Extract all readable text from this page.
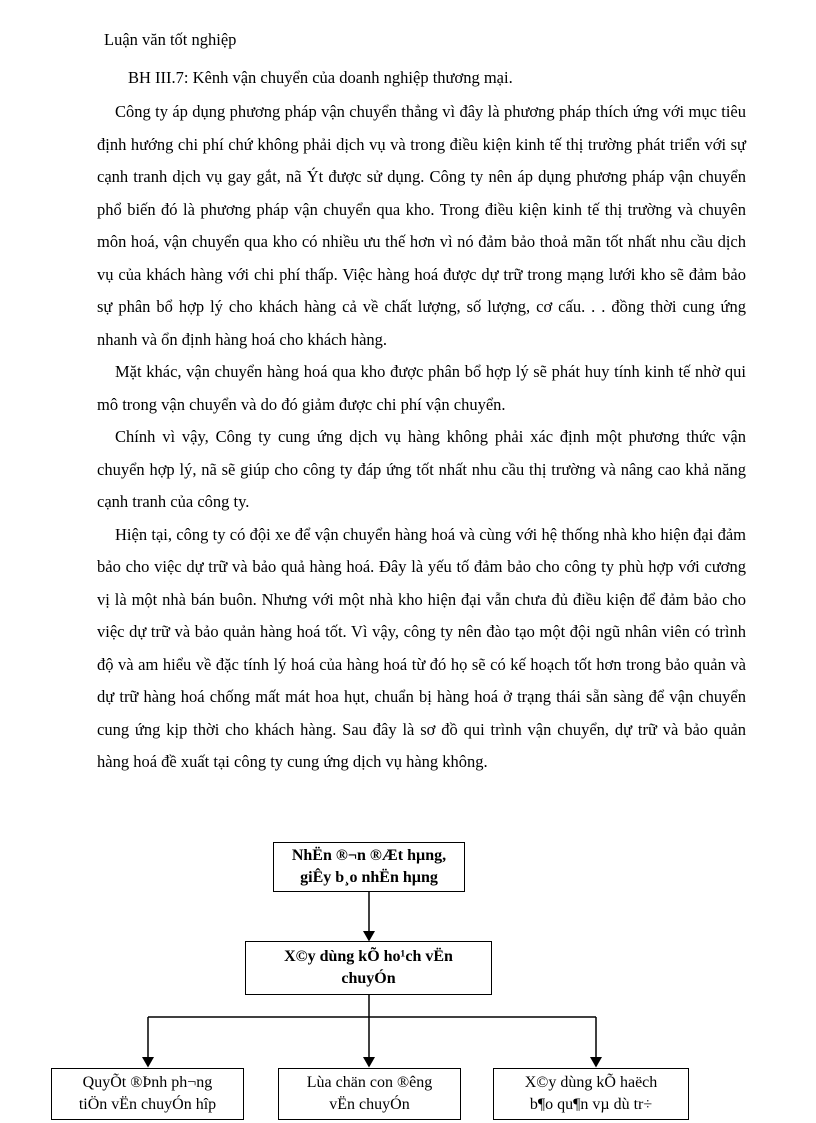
Luận văn tốt nghiệp
BH III.7: Kênh vận chuyển của doanh nghiệp thương mại.

Công ty áp dụng phương pháp vận chuyển thẳng vì đây là phương pháp thích ứng với mục tiêu định hướng chi phí chứ không phải dịch vụ và trong điều kiện kinh tế thị trường phát triển với sự cạnh tranh dịch vụ gay gắt, nã Ýt được sử dụng. Công ty nên áp dụng phương pháp vận chuyển phổ biến đó là phương pháp vận chuyển qua kho. Trong điều kiện kinh tế thị trường và chuyên môn hoá, vận chuyển qua kho có nhiều ưu thế hơn vì nó đảm bảo thoả mãn tốt nhất nhu cầu dịch vụ của khách hàng với chi phí thấp. Việc hàng hoá được dự trữ trong mạng lưới kho sẽ đảm bảo sự phân bổ hợp lý cho khách hàng cả về chất lượng, số lượng, cơ cấu. . . đồng thời cung ứng nhanh và ổn định hàng hoá cho khách hàng.

Mặt khác, vận chuyển hàng hoá qua kho được phân bổ hợp lý sẽ phát huy tính kinh tế nhờ qui mô trong vận chuyển và do đó giảm được chi phí vận chuyển.

Chính vì vậy, Công ty cung ứng dịch vụ hàng không phải xác định một phương thức vận chuyển hợp lý, nã sẽ giúp cho công ty đáp ứng tốt nhất nhu cầu thị trường và nâng cao khả năng cạnh tranh của công ty.

Hiện tại, công ty có đội xe để vận chuyển hàng hoá và cùng với hệ thống nhà kho hiện đại đảm bảo cho việc dự trữ và bảo quả hàng hoá. Đây là yếu tố đảm bảo cho công ty phù hợp với cương vị là một nhà bán buôn. Nhưng với một nhà kho hiện đại vẫn chưa đủ điều kiện để đảm bảo cho việc dự trữ và bảo quản hàng hoá tốt. Vì vậy, công ty nên đào tạo một đội ngũ nhân viên có trình độ và am hiểu về đặc tính lý hoá của hàng hoá từ đó họ sẽ có kế hoạch tốt hơn trong bảo quản và dự trữ hàng hoá chống mất mát hoa hụt, chuẩn bị hàng hoá ở trạng thái sẵn sàng để vận chuyển cung ứng kịp thời cho khách hàng. Sau đây là sơ đồ qui trình vận chuyển, dự trữ và bảo quản hàng hoá đề xuất tại công ty cung ứng dịch vụ hàng không.

NhËn ®¬n ®Æt hµng,
giÊy b¸o nhËn hµng
X©y dùng kÕ ho¹ch vËn
chuyÓn
QuyÕt ®Þnh ph¬ng
tiÖn vËn chuyÓn hîp
Lùa chän con ®êng
vËn chuyÓn
X©y dùng kÕ haëch
b¶o qu¶n vµ dù tr÷
